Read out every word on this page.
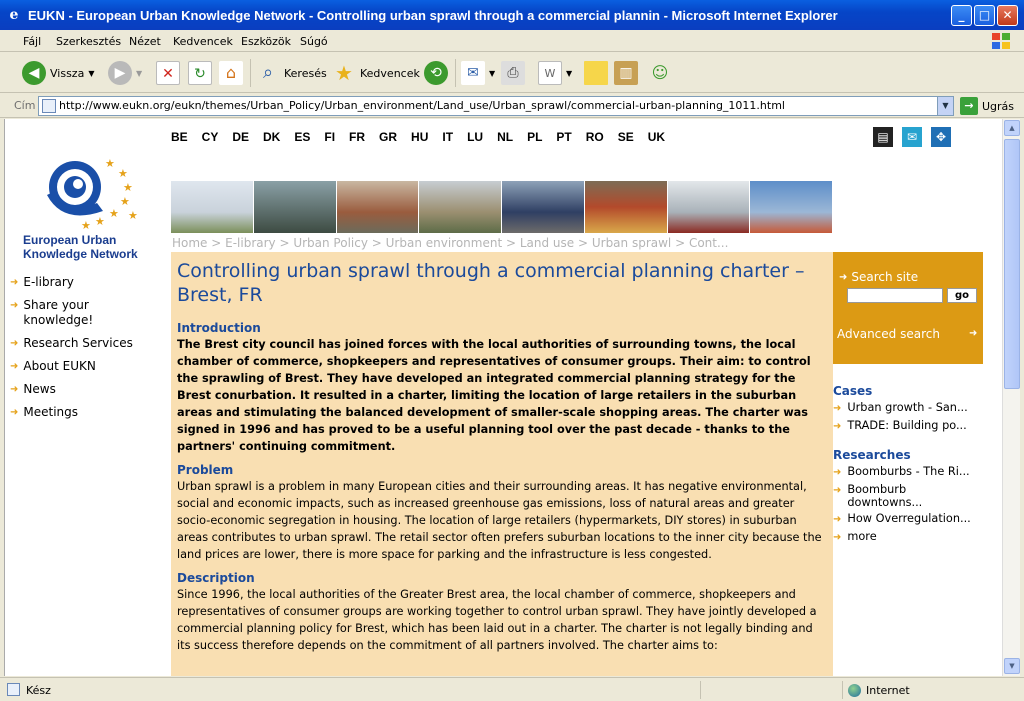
e EUKN - European Urban Knowledge Network - Controlling urban sprawl through a commercial plannin - Microsoft Internet Explorer	_	□	✕
Fájl Szerkesztés Nézet Kedvencek Eszközök Súgó
◀ Vissza ▼	▶	▼	✕	↻	⌂	⌕ Keresés ★ Kedvencek ⟲	✉	▼ ⎙	W	▼	▥	☺
Cím	http://www.eukn.org/eukn/themes/Urban_Policy/Urban_environment/Land_use/Urban_sprawl/commercial-urban-planning_1011.html	▼	→ Ugrás
★
★
★
★
★
★
★
★
European Urban Knowledge Network
BE CY DE DK ES FI FR GR HU IT LU NL PL PT RO SE UK	▤	✉	✥
Home > E-library > Urban Policy > Urban environment > Land use > Urban sprawl > Cont...
➜ E-library
➜ Share your knowledge!
➜ Research Services
➜ About EUKN
➜ News
➜ Meetings
Controlling urban sprawl through a commercial planning charter – Brest, FR
Introduction

The Brest city council has joined forces with the local authorities of surrounding towns, the local chamber of commerce, shopkeepers and representatives of consumer groups. Their aim: to control the sprawling of Brest. They have developed an integrated commercial planning strategy for the Brest conurbation. It resulted in a charter, limiting the location of large retailers in the suburban areas and stimulating the balanced development of smaller-scale shopping areas. The charter was signed in 1996 and has proved to be a useful planning tool over the past decade - thanks to the partners' continuing commitment.

Problem

Urban sprawl is a problem in many European cities and their surrounding areas. It has negative environmental, social and economic impacts, such as increased greenhouse gas emissions, loss of natural areas and greater socio-economic segregation in housing. The location of large retailers (hypermarkets, DIY stores) in suburban areas contributes to urban sprawl. The retail sector often prefers suburban locations to the inner city because the land prices are lower, there is more space for parking and the infrastructure is less congested.

Description

Since 1996, the local authorities of the Greater Brest area, the local chamber of commerce, shopkeepers and representatives of consumer groups are working together to control urban sprawl. They have jointly developed a commercial planning policy for Brest, which has been laid out in a charter. The charter is not legally binding and its success therefore depends on the commitment of all partners involved. The charter aims to:

➜ Search site
go
Advanced search	➜
Cases
➜ Urban growth - San...
➜ TRADE: Building po...
Researches
➜ Boomburbs - The Ri...
➜ Boomburb downtowns...
➜ How Overregulation...
➜ more
▲
▼
Kész	Internet
